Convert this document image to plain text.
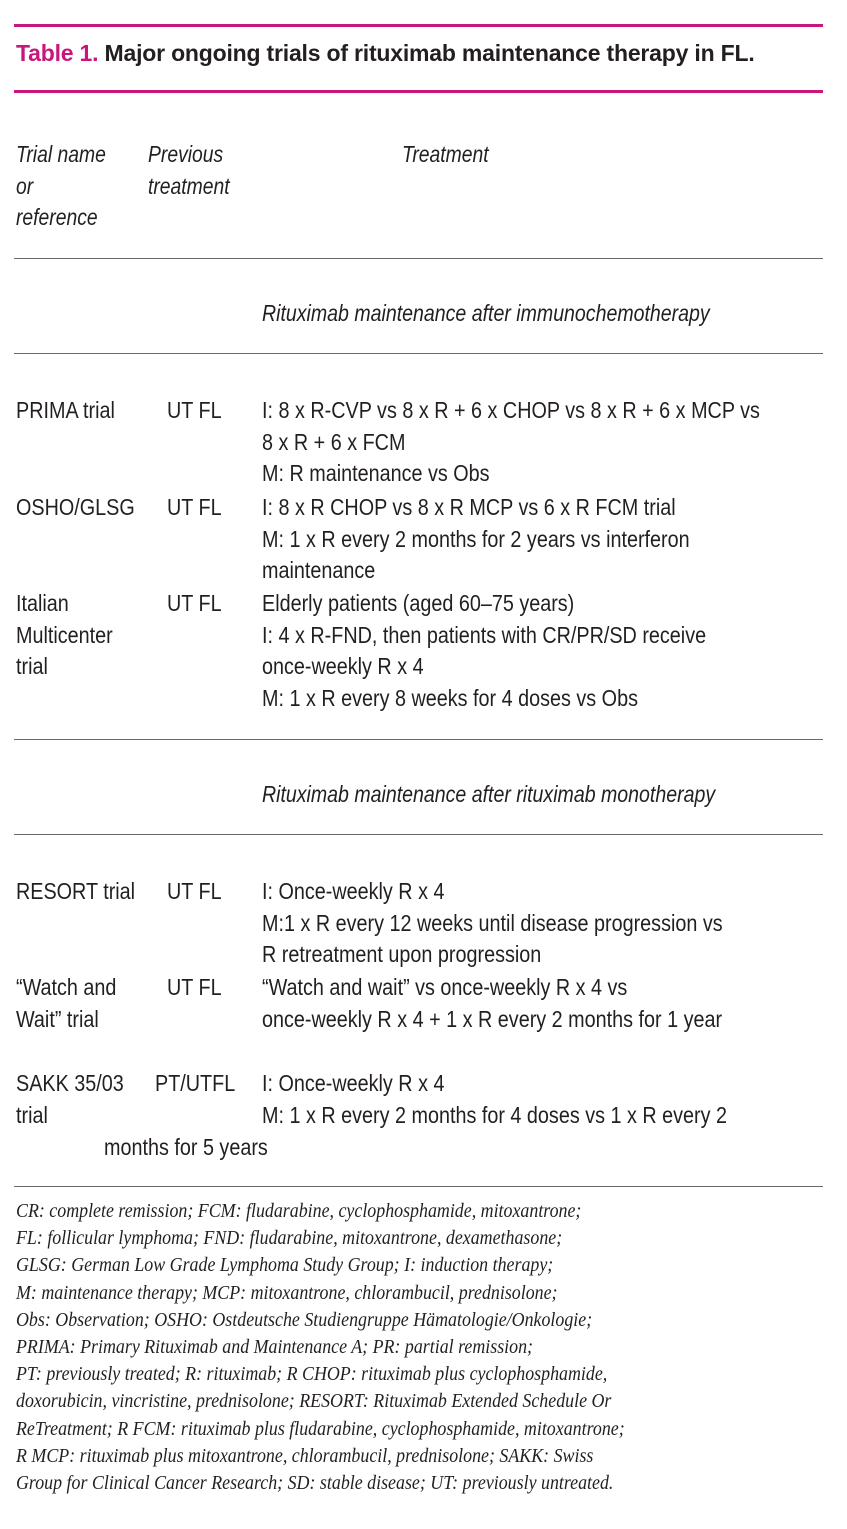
Table 1. Major ongoing trials of rituximab maintenance therapy in FL.
Trial name
or
reference
Previous
treatment
Treatment
Rituximab maintenance after immunochemotherapy
PRIMA trial UT FL I: 8 x R-CVP vs 8 x R + 6 x CHOP vs 8 x R + 6 x MCP vs
8 x R + 6 x FCM
M: R maintenance vs Obs
OSHO/GLSG UT FL I: 8 x R CHOP vs 8 x R MCP vs 6 x R FCM trial
M: 1 x R every 2 months for 2 years vs interferon
maintenance
Italian
Multicenter
trial
UT FL Elderly patients (aged 60–75 years)
I: 4 x R-FND, then patients with CR/PR/SD receive
once-weekly R x 4
M: 1 x R every 8 weeks for 4 doses vs Obs
Rituximab maintenance after rituximab monotherapy
RESORT trial UT FL I: Once-weekly R x 4
M:1 x R every 12 weeks until disease progression vs
R retreatment upon progression
“Watch and
Wait” trial
UT FL “Watch and wait” vs once-weekly R x 4 vs
once-weekly R x 4 + 1 x R every 2 months for 1 year
SAKK 35/03
trial
PT/UTFL I: Once-weekly R x 4
M: 1 x R every 2 months for 4 doses vs 1 x R every 2
months for 5 years
CR: complete remission; FCM: fludarabine, cyclophosphamide, mitoxantrone;
FL: follicular lymphoma; FND: fludarabine, mitoxantrone, dexamethasone;
GLSG: German Low Grade Lymphoma Study Group; I: induction therapy;
M: maintenance therapy; MCP: mitoxantrone, chlorambucil, prednisolone;
Obs: Observation; OSHO: Ostdeutsche Studiengruppe Hämatologie/Onkologie;
PRIMA: Primary Rituximab and Maintenance A; PR: partial remission;
PT: previously treated; R: rituximab; R CHOP: rituximab plus cyclophosphamide,
doxorubicin, vincristine, prednisolone; RESORT: Rituximab Extended Schedule Or
ReTreatment; R FCM: rituximab plus fludarabine, cyclophosphamide, mitoxantrone;
R MCP: rituximab plus mitoxantrone, chlorambucil, prednisolone; SAKK: Swiss
Group for Clinical Cancer Research; SD: stable disease; UT: previously untreated.
